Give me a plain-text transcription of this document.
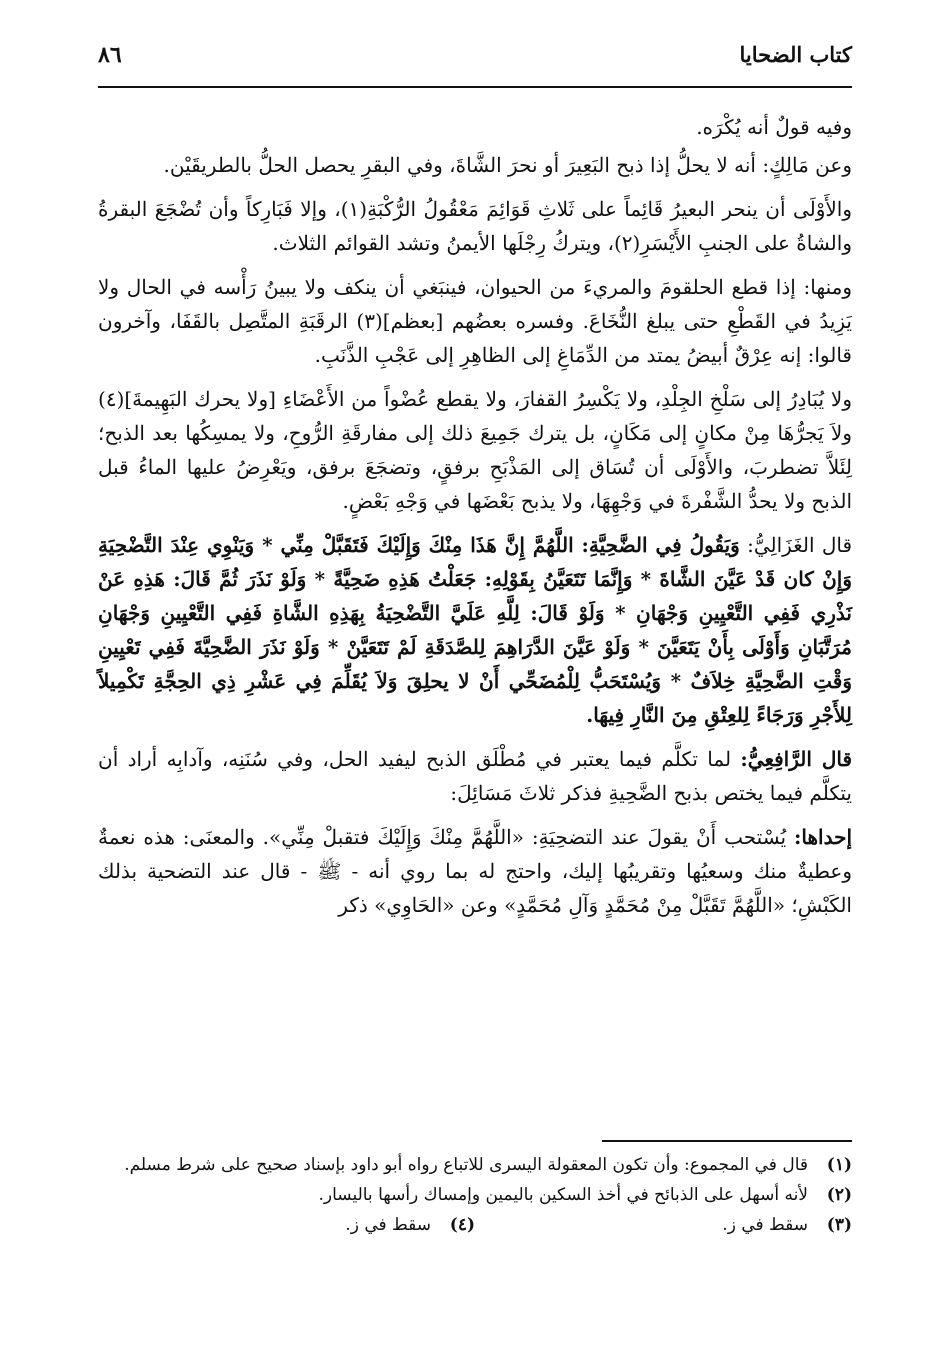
كتاب الضحايا
٨٦

وفيه قولٌ أنه يُكْرَه.

وعن مَالِكٍ: أنه لا يحلُّ إذا ذبح البَعِيرَ أو نحرَ الشَّاةَ، وفي البقرِ يحصل الحلُّ بالطريقَيْن.

والأَوْلَى أن ينحر البعيرُ قَائِماً على ثَلاثِ قَوَائِمَ مَعْقُولُ الرُّكْبَةِ(١)، وإلا فَبَارِكاً وأن تُضْجَعَ البقرةُ والشاةُ على الجنبِ الأَيْسَرِ(٢)، ويتركُ رِجْلَها الأيمنُ وتشد القوائم الثلاث.

ومنها: إذا قطع الحلقومَ والمريءَ من الحيوان، فينبَغي أن ينكف ولا يبينُ رَأْسه في الحال ولا يَزِيدُ في القَطْعِ حتى يبلغ النُّخَاعَ. وفسره بعضُهم [بعظم](٣) الرقَبَةِ المتَّصِل بالقَفَا، وآخرون قالوا: إنه عِرْقٌ أبيضُ يمتد من الدِّمَاغِ إلى الظاهِرِ إلى عَجْبِ الذَّنَبِ.

ولا يُبَادِرُ إلى سَلْخِ الجِلْدِ، ولا يَكْسِرُ القفارَ، ولا يقطع عُضْواً من الأَعْضَاءِ [ولا يحرك البَهِيمةَ](٤) ولاَ يَجرُّهَا مِنْ مكانٍ إلى مَكَانٍ، بل يترك جَمِيعَ ذلك إلى مفارقَةِ الرُّوحِ، ولا يمسِكُها بعد الذبح؛ لِئَلاَّ تضطربَ، والأَوْلَى أن تُسَاق إلى المَذْبَحِ برفقٍ، وتضجَعَ برفق، ويَعْرِضُ عليها الماءُ قبل الذبح ولا يحدُّ الشَّفْرةَ في وَجْهِهَا، ولا يذبح بَعْضَها في وَجْهِ بَعْضٍ.

قال الغَزَالِيُّ: وَيَقُولُ فِي الضَّحِيَّةِ: اللَّهُمَّ إِنَّ هَذَا مِنْكَ وَإِلَيْكَ فَتَقَبَّلْ مِنِّي * وَيَنْوِي عِنْدَ التَّضْحِيَةِ وَإِنْ كان قَدْ عَيَّنَ الشَّاةَ * وَإِنَّمَا تَتَعَيَّنُ بِقَوْلِهِ: جَعَلْتُ هَذِهِ ضَحِيَّةً * وَلَوْ نَذَرَ ثُمَّ قَالَ: هَذِهِ عَنْ نَذْرِي فَفِي التَّعْيِينِ وَجْهَانِ * وَلَوْ قَالَ: لِلَّهِ عَلَيَّ التَّضْحِيَةُ بِهَذِهِ الشَّاةِ فَفِي التَّعْيِينِ وَجْهَانِ مُرَتَّبَانِ وَأَوْلَى بِأَنْ يَتَعَيَّنَ * وَلَوْ عَيَّنَ الدَّرَاهِمَ لِلصَّدَقَةِ لَمْ تَتَعَيَّنْ * وَلَوْ نَذَرَ الضَّحِيَّةَ فَفِي تَعْيِينِ وَقْتِ الضَّحِيَّةِ خِلاَفٌ * وَيُسْتَحَبُّ لِلْمُضَحِّي أَنْ لا يحلِقَ وَلاَ يُقَلِّمَ فِي عَشْرِ ذِي الحِجَّةِ تَكْمِيلاً لِلأَجْرِ وَرَجَاءً لِلعِتْقِ مِنَ النَّارِ فِيهَا.

قال الرَّافِعِيُّ: لما تكلَّم فيما يعتبر في مُطْلَق الذبح ليفيد الحل، وفي سُنَنِه، وآدابِه أراد أن يتكلَّم فيما يختص بذبح الضَّحِيةِ فذكر ثلاثَ مَسَائِلَ:

إحداها: يُسْتحب أَنْ يقولَ عند التضحِيَةِ: «اللَّهُمَّ مِنْكَ وَإِلَيْكَ فتقبلْ مِنِّي». والمعنَى: هذه نعمةٌ وعطيةٌ منك وسعيُها وتقريبُها إليك، واحتج له بما روي أنه - ﷺ - قال عند التضحية بذلك الكَبْشِ؛ «اللَّهُمَّ تَقَبَّلْ مِنْ مُحَمَّدٍ وَآلِ مُحَمَّدٍ» وعن «الحَاوِي» ذكر

(١)
قال في المجموع: وأن تكون المعقولة اليسرى للاتباع رواه أبو داود بإسناد صحيح على شرط مسلم.
(٢)
لأنه أسهل على الذبائح في أخذ السكين باليمين وإمساك رأسها باليسار.
(٣)
سقط في ز.
(٤)
سقط في ز.
